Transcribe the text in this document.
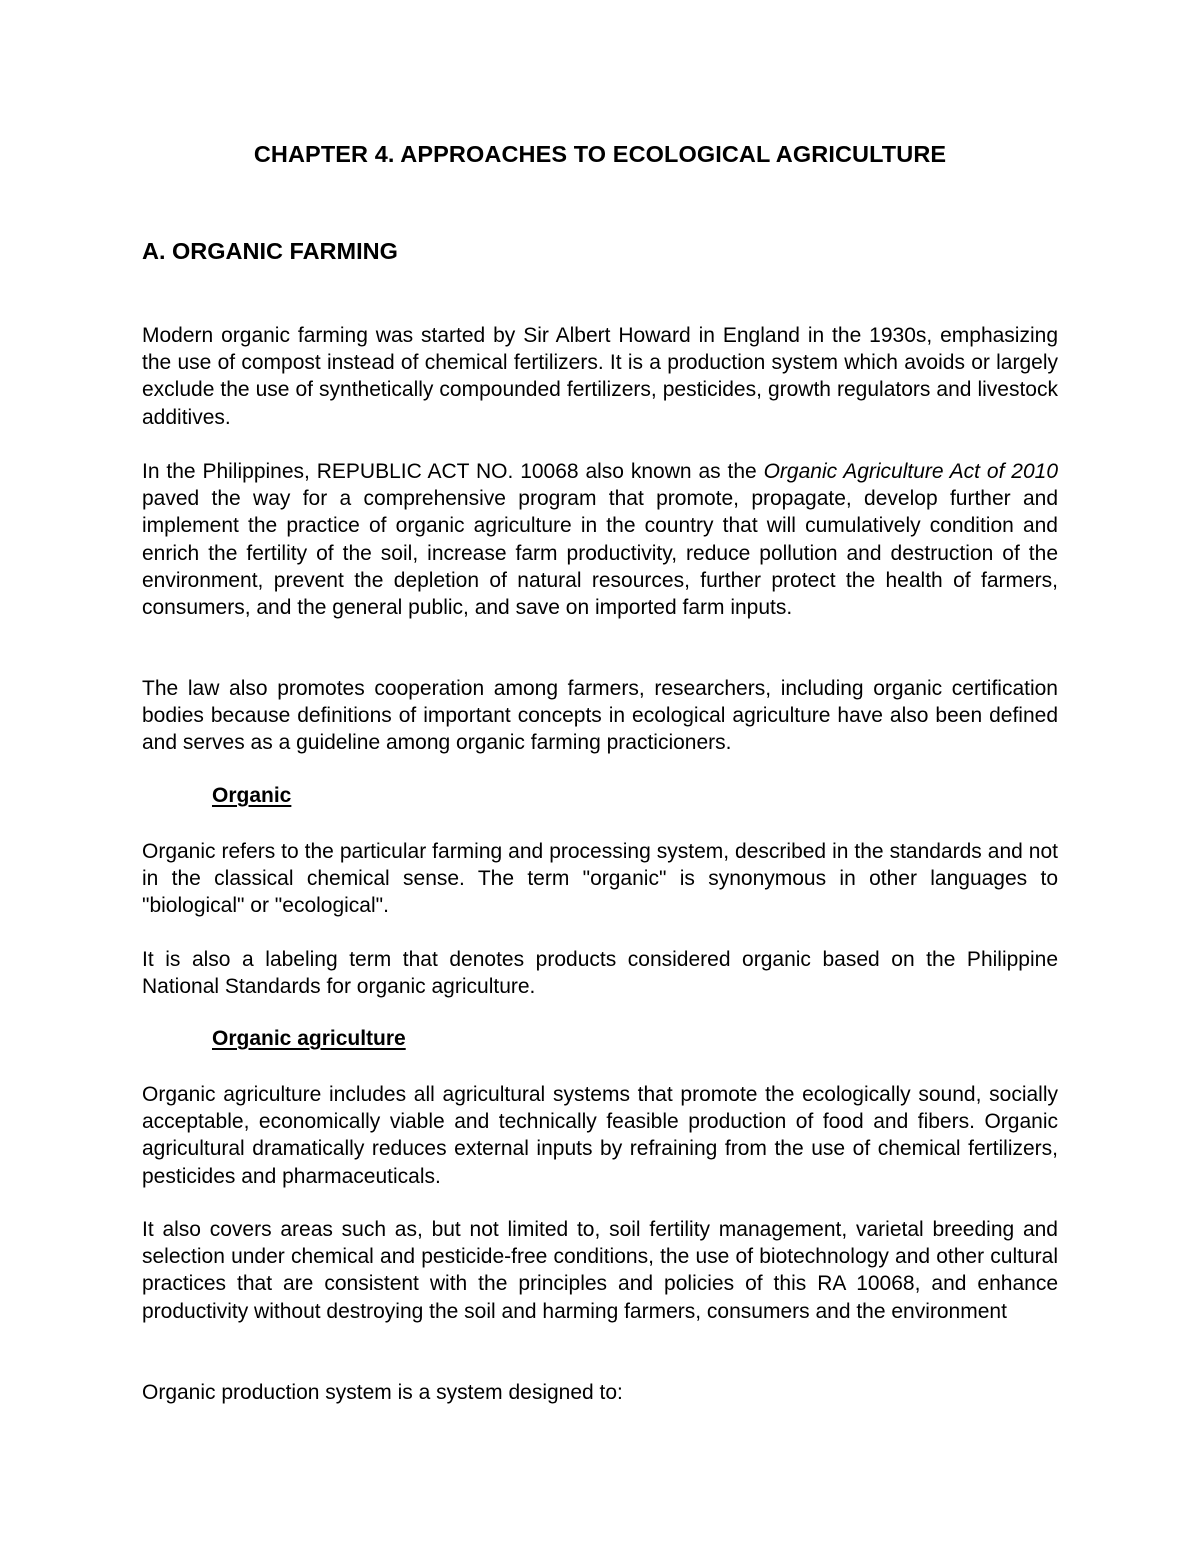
CHAPTER 4. APPROACHES TO ECOLOGICAL AGRICULTURE
A. ORGANIC FARMING

Modern organic farming was started by Sir Albert Howard in England in the 1930s, emphasizing the use of compost instead of chemical fertilizers. It is a production system which avoids or largely exclude the use of synthetically compounded fertilizers, pesticides, growth regulators and livestock additives.

In the Philippines, REPUBLIC ACT NO. 10068 also known as the Organic Agriculture Act of 2010 paved the way for a comprehensive program that promote, propagate, develop further and implement the practice of organic agriculture in the country that will cumulatively condition and enrich the fertility of the soil, increase farm productivity, reduce pollution and destruction of the environment, prevent the depletion of natural resources, further protect the health of farmers, consumers, and the general public, and save on imported farm inputs.

The law also promotes cooperation among farmers, researchers, including organic certification bodies because definitions of important concepts in ecological agriculture have also been defined and serves as a guideline among organic farming practicioners.

Organic

Organic refers to the particular farming and processing system, described in the standards and not in the classical chemical sense. The term "organic" is synonymous in other languages to "biological" or "ecological".

It is also a labeling term that denotes products considered organic based on the Philippine National Standards for organic agriculture.

Organic agriculture

Organic agriculture includes all agricultural systems that promote the ecologically sound, socially acceptable, economically viable and technically feasible production of food and fibers. Organic agricultural dramatically reduces external inputs by refraining from the use of chemical fertilizers, pesticides and pharmaceuticals.

It also covers areas such as, but not limited to, soil fertility management, varietal breeding and selection under chemical and pesticide-free conditions, the use of biotechnology and other cultural practices that are consistent with the principles and policies of this RA 10068, and enhance productivity without destroying the soil and harming farmers, consumers and the environment

Organic production system is a system designed to:
